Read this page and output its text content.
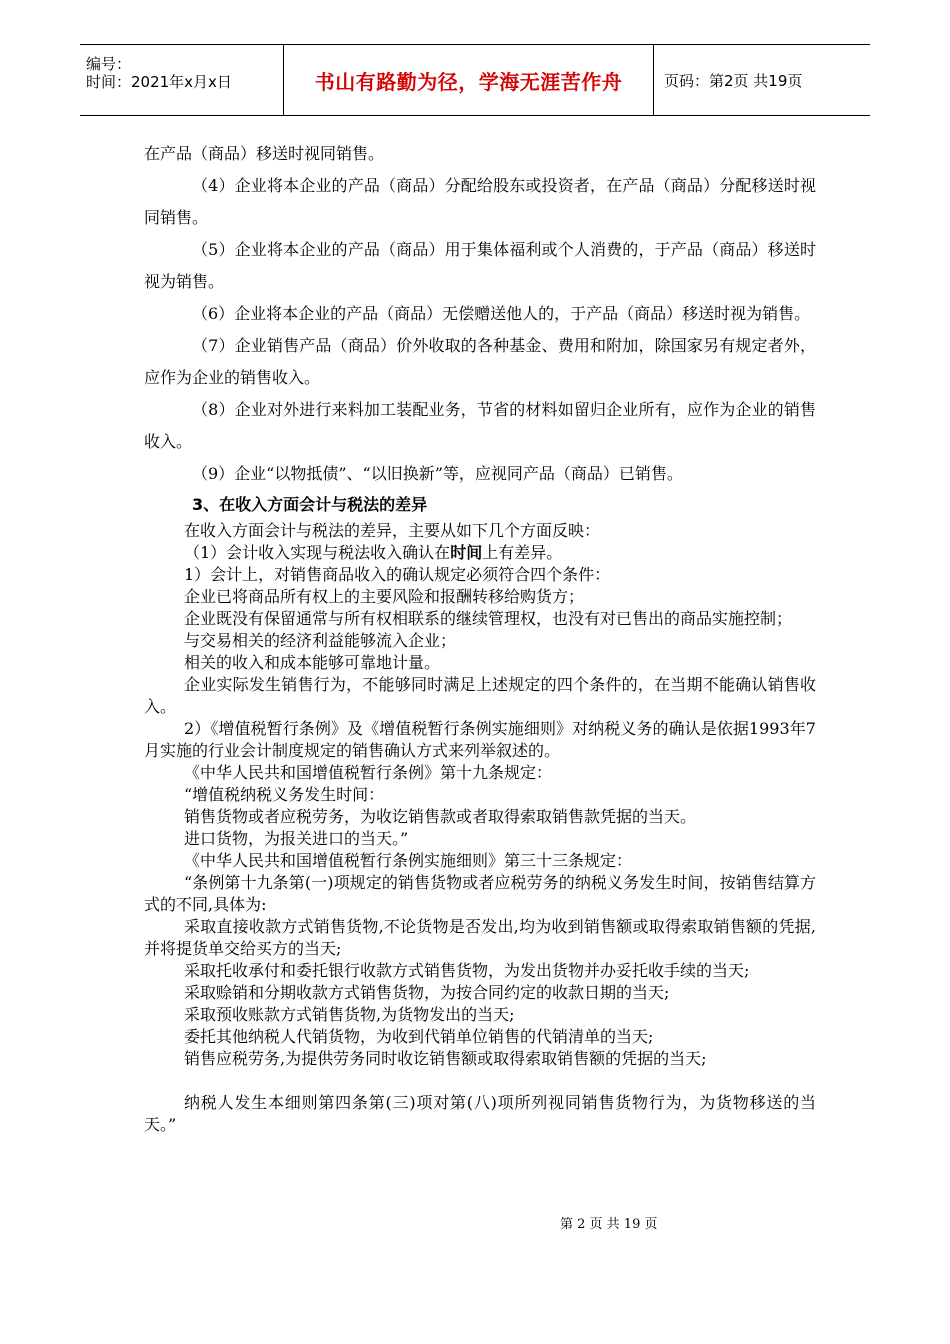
编号：
时间：2021年x月x日	书山有路勤为径，学海无涯苦作舟	页码：第2页 共19页

在产品（商品）移送时视同销售。

（4）企业将本企业的产品（商品）分配给股东或投资者，在产品（商品）分配移送时视同销售。

（5）企业将本企业的产品（商品）用于集体福利或个人消费的，于产品（商品）移送时视为销售。

（6）企业将本企业的产品（商品）无偿赠送他人的，于产品（商品）移送时视为销售。

（7）企业销售产品（商品）价外收取的各种基金、费用和附加，除国家另有规定者外，应作为企业的销售收入。

（8）企业对外进行来料加工装配业务，节省的材料如留归企业所有，应作为企业的销售收入。

（9）企业“以物抵债”、“以旧换新”等，应视同产品（商品）已销售。

3、在收入方面会计与税法的差异

在收入方面会计与税法的差异，主要从如下几个方面反映：

（1）会计收入实现与税法收入确认在时间上有差异。

1）会计上，对销售商品收入的确认规定必须符合四个条件：

企业已将商品所有权上的主要风险和报酬转移给购货方；

企业既没有保留通常与所有权相联系的继续管理权，也没有对已售出的商品实施控制；

与交易相关的经济利益能够流入企业；

相关的收入和成本能够可靠地计量。

企业实际发生销售行为，不能够同时满足上述规定的四个条件的，在当期不能确认销售收入。

2）《增值税暂行条例》及《增值税暂行条例实施细则》对纳税义务的确认是依据1993年7月实施的行业会计制度规定的销售确认方式来列举叙述的。

《中华人民共和国增值税暂行条例》第十九条规定：

“增值税纳税义务发生时间：

销售货物或者应税劳务，为收讫销售款或者取得索取销售款凭据的当天。

进口货物，为报关进口的当天。”

《中华人民共和国增值税暂行条例实施细则》第三十三条规定：

“条例第十九条第(一)项规定的销售货物或者应税劳务的纳税义务发生时间，按销售结算方式的不同,具体为:

采取直接收款方式销售货物,不论货物是否发出,均为收到销售额或取得索取销售额的凭据,并将提货单交给买方的当天;

采取托收承付和委托银行收款方式销售货物，为发出货物并办妥托收手续的当天;

采取赊销和分期收款方式销售货物，为按合同约定的收款日期的当天;

采取预收账款方式销售货物,为货物发出的当天;

委托其他纳税人代销货物，为收到代销单位销售的代销清单的当天;

销售应税劳务,为提供劳务同时收讫销售额或取得索取销售额的凭据的当天;

纳税人发生本细则第四条第(三)项对第(八)项所列视同销售货物行为，为货物移送的当天。”

第 2 页 共 19 页
